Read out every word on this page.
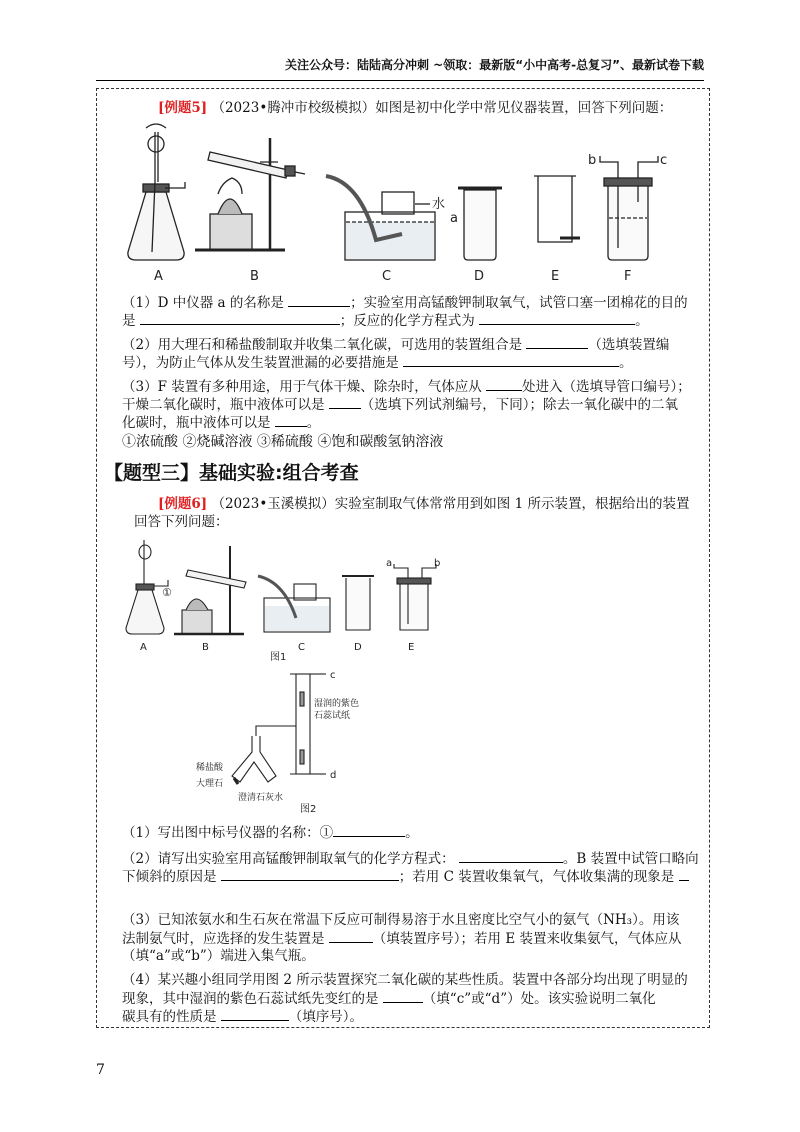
关注公众号：陆陆高分冲刺 ~领取：最新版“小中高考-总复习”、最新试卷下载
[例题5] （2023•腾冲市校级模拟）如图是初中化学中常见仪器装置，回答下列问题：
A	B
水
C
a
D	E
b	c
F
（1）D 中仪器 a 的名称是	；实验室用高锰酸钾制取氧气，试管口塞一团棉花的目的
是	；反应的化学方程式为	。
（2）用大理石和稀盐酸制取并收集二氧化碳，可选用的装置组合是	（选填装置编
号），为防止气体从发生装置泄漏的必要措施是	。
（3）F 装置有多种用途，用于气体干燥、除杂时，气体应从	处进入（选填导管口编号）；
干燥二氧化碳时，瓶中液体可以是	（选填下列试剂编号，下同）；除去一氧化碳中的二氧
化碳时，瓶中液体可以是	。
①浓硫酸 ②烧碱溶液 ③稀硫酸 ④饱和碳酸氢钠溶液
【题型三】基础实验:组合考查
[例题6] （2023•玉溪模拟）实验室制取气体常常用到如图 1 所示装置，根据给出的装置
回答下列问题：
①
a	b
A	B	C	D	E
图1
c
d
湿润的紫色
石蕊试纸
稀盐酸
大理石
澄清石灰水
图2
（1）写出图中标号仪器的名称：①	。
（2）请写出实验室用高锰酸钾制取氧气的化学方程式：	。B 装置中试管口略向
下倾斜的原因是	；若用 C 装置收集氧气，气体收集满的现象是
（3）已知浓氨水和生石灰在常温下反应可制得易溶于水且密度比空气小的氨气（NH₃）。用该
法制氨气时，应选择的发生装置是	（填装置序号）；若用 E 装置来收集氨气，气体应从
（填“a”或“b”）端进入集气瓶。
（4）某兴趣小组同学用图 2 所示装置探究二氧化碳的某些性质。装置中各部分均出现了明显的
现象，其中湿润的紫色石蕊试纸先变红的是	（填“c”或“d”）处。该实验说明二氧化
碳具有的性质是	（填序号）。
7
